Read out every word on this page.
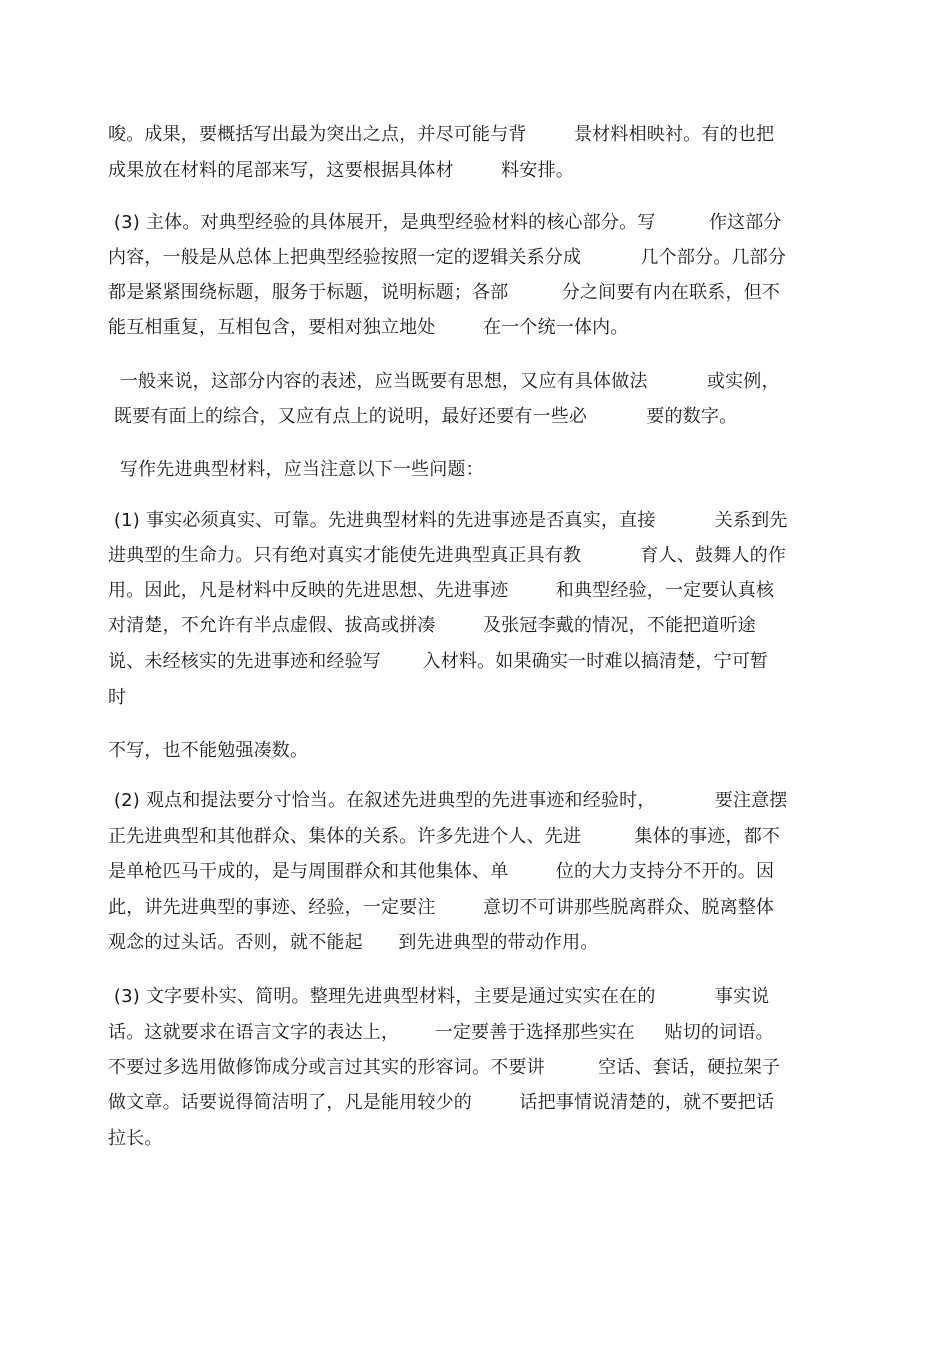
唆。成果，要概括写出最为突出之点，并尽可能与背        景材料相映衬。有的也把
成果放在材料的尾部来写，这要根据具体材        料安排。
(3) 主体。对典型经验的具体展开，是典型经验材料的核心部分。写         作这部分
内容，一般是从总体上把典型经验按照一定的逻辑关系分成          几个部分。几部分
都是紧紧围绕标题，服务于标题，说明标题；各部         分之间要有内在联系，但不
能互相重复，互相包含，要相对独立地处        在一个统一体内。
一般来说，这部分内容的表述，应当既要有思想，又应有具体做法          或实例，
既要有面上的综合，又应有点上的说明，最好还要有一些必          要的数字。
写作先进典型材料，应当注意以下一些问题：
(1) 事实必须真实、可靠。先进典型材料的先进事迹是否真实，直接          关系到先
进典型的生命力。只有绝对真实才能使先进典型真正具有教          育人、鼓舞人的作
用。因此，凡是材料中反映的先进思想、先进事迹        和典型经验，一定要认真核
对清楚，不允许有半点虚假、拔高或拼凑        及张冠李戴的情况，不能把道听途
说、未经核实的先进事迹和经验写       入材料。如果确实一时难以搞清楚，宁可暂
时
不写，也不能勉强凑数。
(2) 观点和提法要分寸恰当。在叙述先进典型的先进事迹和经验时，          要注意摆
正先进典型和其他群众、集体的关系。许多先进个人、先进         集体的事迹，都不
是单枪匹马干成的，是与周围群众和其他集体、单        位的大力支持分不开的。因
此，讲先进典型的事迹、经验，一定要注        意切不可讲那些脱离群众、脱离整体
观念的过头话。否则，就不能起      到先进典型的带动作用。
(3) 文字要朴实、简明。整理先进典型材料，主要是通过实实在在的          事实说
话。这就要求在语言文字的表达上，      一定要善于选择那些实在     贴切的词语。
不要过多选用做修饰成分或言过其实的形容词。不要讲         空话、套话，硬拉架子
做文章。话要说得简洁明了，凡是能用较少的        话把事情说清楚的，就不要把话
拉长。
